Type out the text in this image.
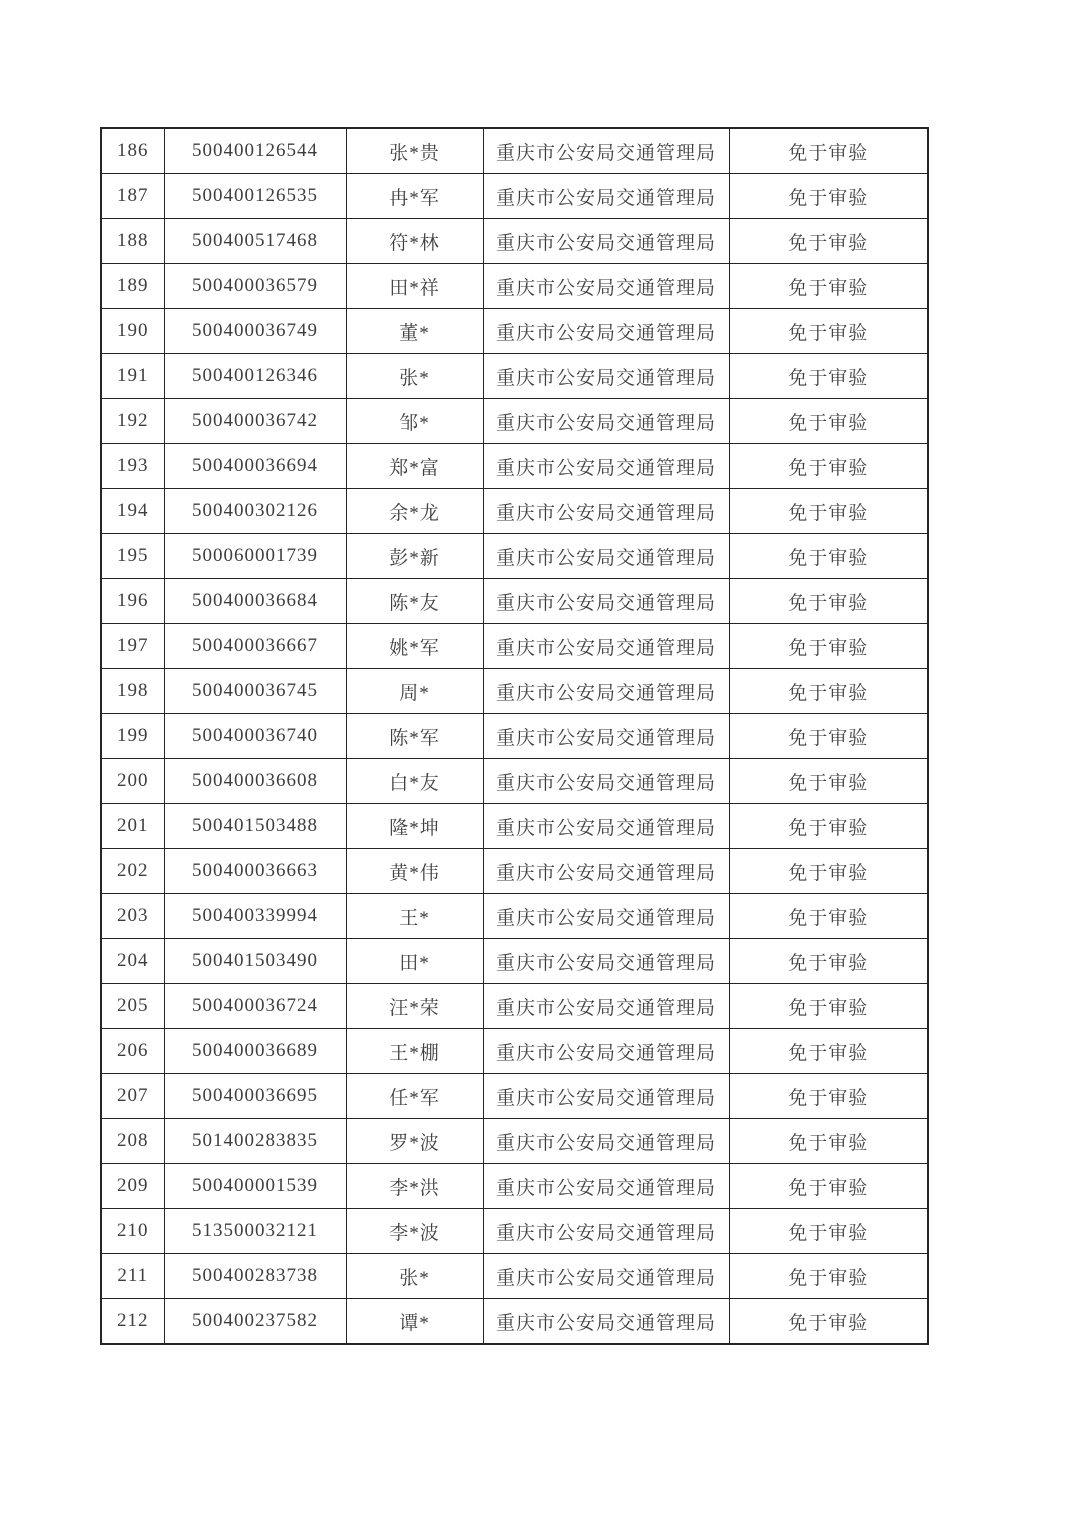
186	500400126544	张*贵	重庆市公安局交通管理局	免于审验
187	500400126535	冉*军	重庆市公安局交通管理局	免于审验
188	500400517468	符*林	重庆市公安局交通管理局	免于审验
189	500400036579	田*祥	重庆市公安局交通管理局	免于审验
190	500400036749	董*	重庆市公安局交通管理局	免于审验
191	500400126346	张*	重庆市公安局交通管理局	免于审验
192	500400036742	邹*	重庆市公安局交通管理局	免于审验
193	500400036694	郑*富	重庆市公安局交通管理局	免于审验
194	500400302126	余*龙	重庆市公安局交通管理局	免于审验
195	500060001739	彭*新	重庆市公安局交通管理局	免于审验
196	500400036684	陈*友	重庆市公安局交通管理局	免于审验
197	500400036667	姚*军	重庆市公安局交通管理局	免于审验
198	500400036745	周*	重庆市公安局交通管理局	免于审验
199	500400036740	陈*军	重庆市公安局交通管理局	免于审验
200	500400036608	白*友	重庆市公安局交通管理局	免于审验
201	500401503488	隆*坤	重庆市公安局交通管理局	免于审验
202	500400036663	黄*伟	重庆市公安局交通管理局	免于审验
203	500400339994	王*	重庆市公安局交通管理局	免于审验
204	500401503490	田*	重庆市公安局交通管理局	免于审验
205	500400036724	汪*荣	重庆市公安局交通管理局	免于审验
206	500400036689	王*棚	重庆市公安局交通管理局	免于审验
207	500400036695	任*军	重庆市公安局交通管理局	免于审验
208	501400283835	罗*波	重庆市公安局交通管理局	免于审验
209	500400001539	李*洪	重庆市公安局交通管理局	免于审验
210	513500032121	李*波	重庆市公安局交通管理局	免于审验
211	500400283738	张*	重庆市公安局交通管理局	免于审验
212	500400237582	谭*	重庆市公安局交通管理局	免于审验
